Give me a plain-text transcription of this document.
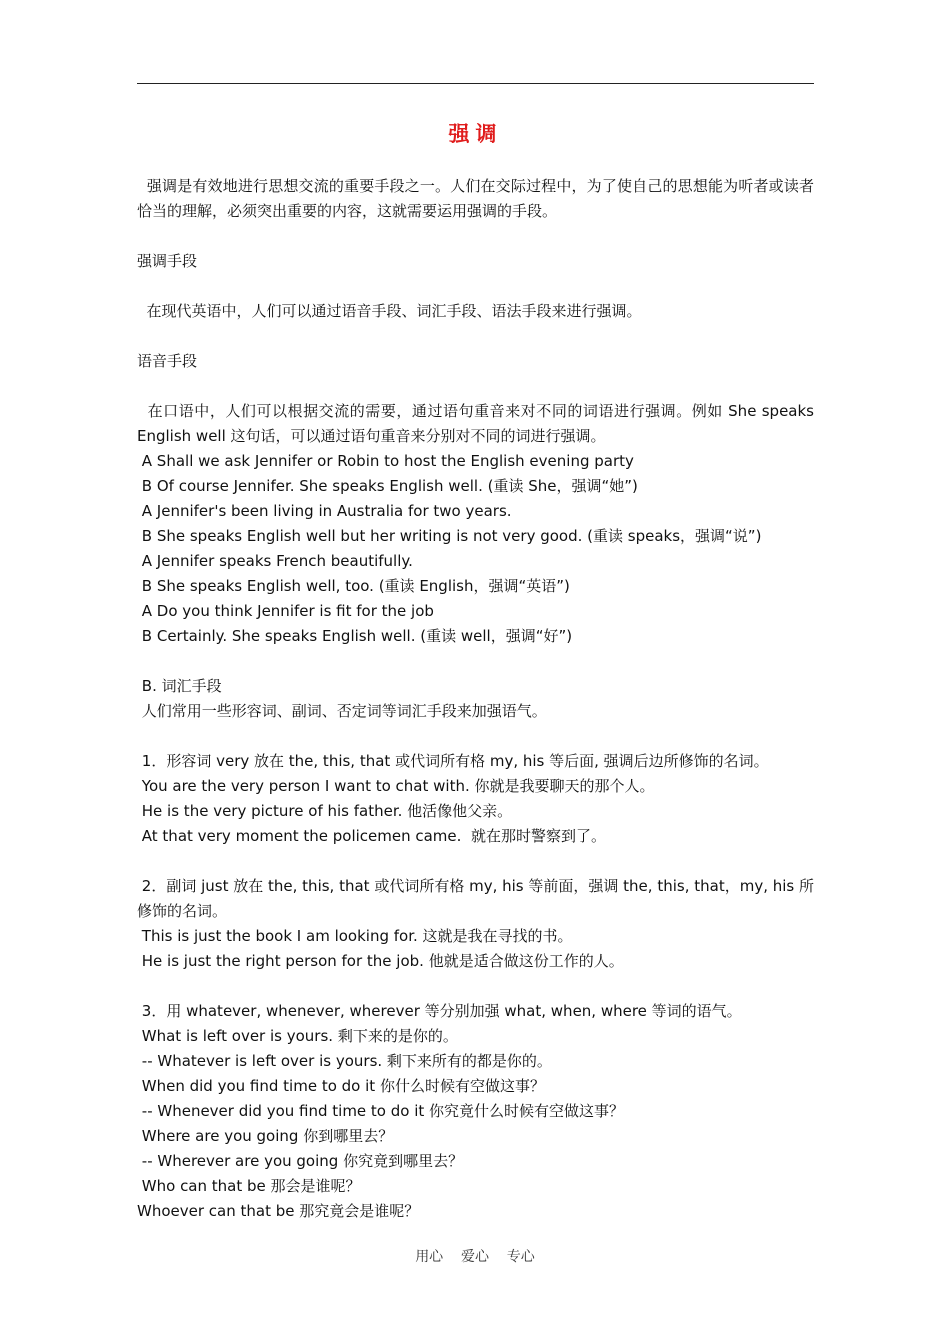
强调

强调是有效地进行思想交流的重要手段之一。人们在交际过程中，为了使自己的思想能为听者或读者恰当的理解，必须突出重要的内容，这就需要运用强调的手段。

强调手段

在现代英语中，人们可以通过语音手段、词汇手段、语法手段来进行强调。

语音手段

在口语中，人们可以根据交流的需要，通过语句重音来对不同的词语进行强调。例如 She speaks English well 这句话，可以通过语句重音来分别对不同的词进行强调。

A Shall we ask Jennifer or Robin to host the English evening party

B Of course Jennifer. She speaks English well. (重读 She，强调“她”)

A Jennifer's been living in Australia for two years.

B She speaks English well but her writing is not very good. (重读 speaks，强调“说”)

A Jennifer speaks French beautifully.

B She speaks English well, too. (重读 English，强调“英语”)

A Do you think Jennifer is fit for the job

B Certainly. She speaks English well. (重读 well，强调“好”)

B. 词汇手段

人们常用一些形容词、副词、否定词等词汇手段来加强语气。

1．形容词 very 放在 the, this, that 或代词所有格 my, his 等后面, 强调后边所修饰的名词。

You are the very person I want to chat with. 你就是我要聊天的那个人。

He is the very picture of his father. 他活像他父亲。

At that very moment the policemen came.  就在那时警察到了。

2．副词 just 放在 the, this, that 或代词所有格 my, his 等前面，强调 the, this, that，my, his 所修饰的名词。

This is just the book I am looking for. 这就是我在寻找的书。

He is just the right person for the job. 他就是适合做这份工作的人。

3．用 whatever, whenever, wherever 等分别加强 what, when, where 等词的语气。

What is left over is yours. 剩下来的是你的。

-- Whatever is left over is yours. 剩下来所有的都是你的。

When did you find time to do it 你什么时候有空做这事？

-- Whenever did you find time to do it 你究竟什么时候有空做这事？

Where are you going 你到哪里去？

-- Wherever are you going 你究竟到哪里去？

Who can that be 那会是谁呢？

Whoever can that be 那究竟会是谁呢？

用心    爱心    专心
